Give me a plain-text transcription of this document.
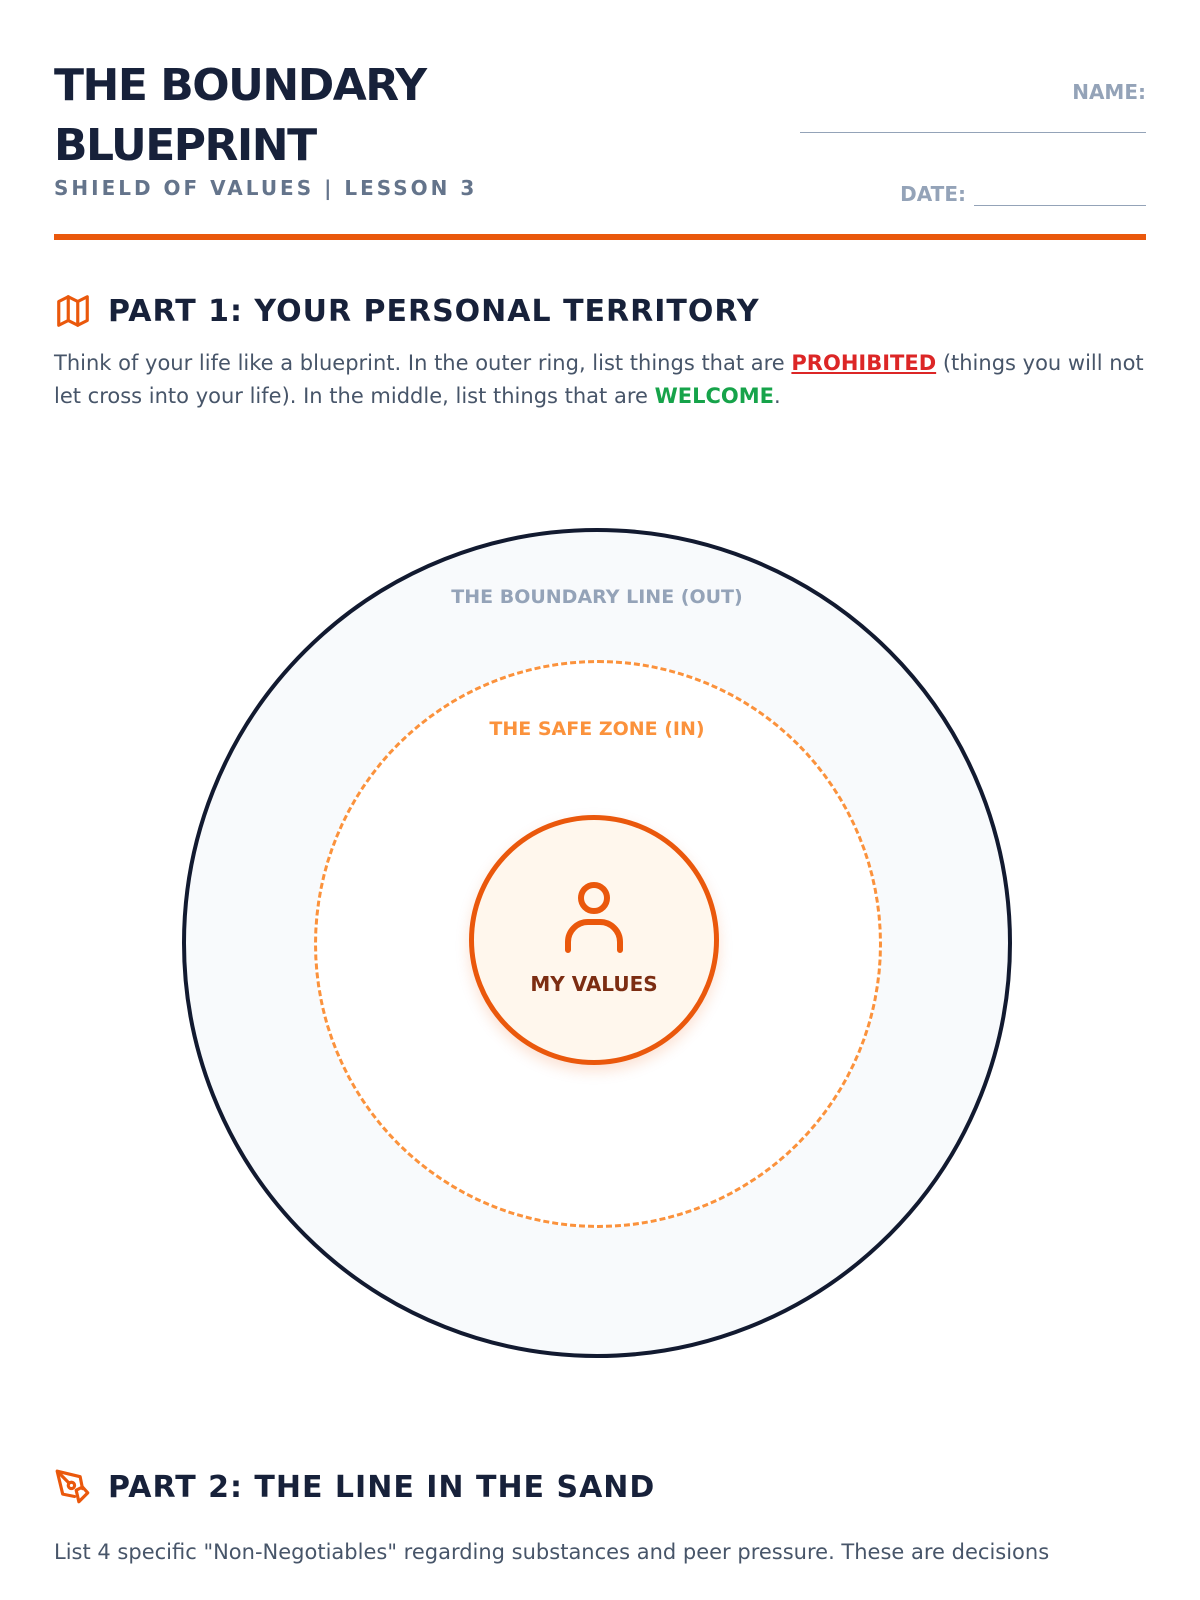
THE BOUNDARY BLUEPRINT
SHIELD OF VALUES | LESSON 3
NAME:
DATE:
PART 1: YOUR PERSONAL TERRITORY

Think of your life like a blueprint. In the outer ring, list things that are PROHIBITED (things you will not let cross into your life). In the middle, list things that are WELCOME.

THE BOUNDARY LINE (OUT)
THE SAFE ZONE (IN)
MY VALUES
PART 2: THE LINE IN THE SAND

List 4 specific "Non-Negotiables" regarding substances and peer pressure. These are decisions
